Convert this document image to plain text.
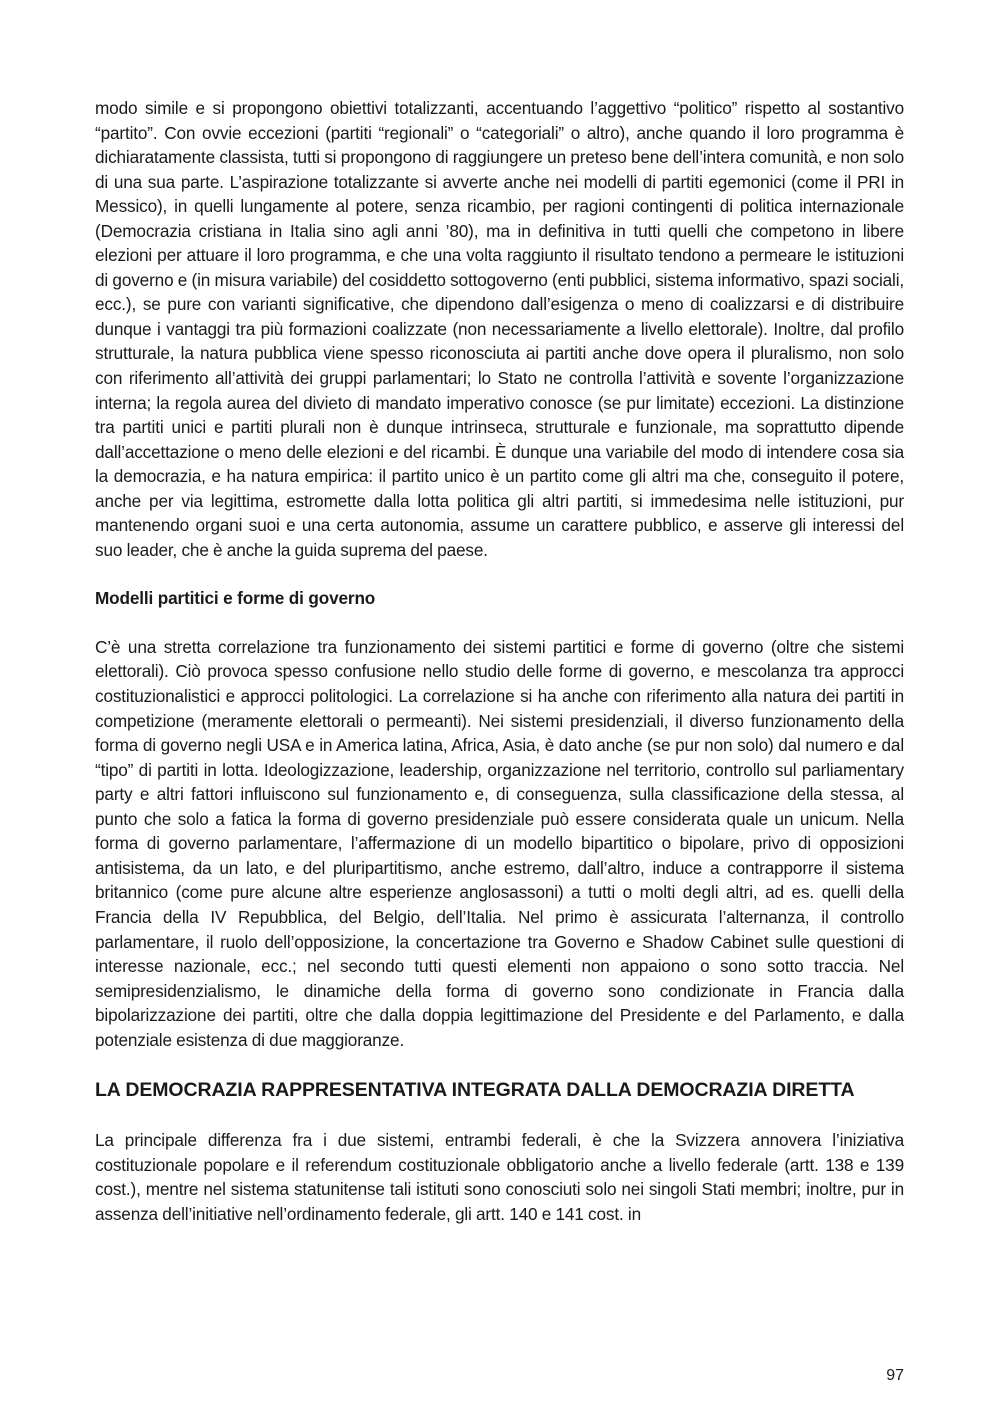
modo simile e si propongono obiettivi totalizzanti, accentuando l’aggettivo “politico” rispetto al sostantivo “partito”. Con ovvie eccezioni (partiti “regionali” o “categoriali” o altro), anche quando il loro programma è dichiaratamente classista, tutti si propongono di raggiungere un preteso bene dell’intera comunità, e non solo di una sua parte. L’aspirazione totalizzante si avverte anche nei modelli di partiti egemonici (come il PRI in Messico), in quelli lungamente al potere, senza ricambio, per ragioni contingenti di politica internazionale (Democrazia cristiana in Italia sino agli anni ’80), ma in definitiva in tutti quelli che competono in libere elezioni per attuare il loro programma, e che una volta raggiunto il risultato tendono a permeare le istituzioni di governo e (in misura variabile) del cosiddetto sottogoverno (enti pubblici, sistema informativo, spazi sociali, ecc.), se pure con varianti significative, che dipendono dall’esigenza o meno di coalizzarsi e di distribuire dunque i vantaggi tra più formazioni coalizzate (non necessariamente a livello elettorale). Inoltre, dal profilo strutturale, la natura pubblica viene spesso riconosciuta ai partiti anche dove opera il pluralismo, non solo con riferimento all’attività dei gruppi parlamentari; lo Stato ne controlla l’attività e sovente l’organizzazione interna; la regola aurea del divieto di mandato imperativo conosce (se pur limitate) eccezioni. La distinzione tra partiti unici e partiti plurali non è dunque intrinseca, strutturale e funzionale, ma soprattutto dipende dall’accettazione o meno delle elezioni e del ricambi. È dunque una variabile del modo di intendere cosa sia la democrazia, e ha natura empirica: il partito unico è un partito come gli altri ma che, conseguito il potere, anche per via legittima, estromette dalla lotta politica gli altri partiti, si immedesima nelle istituzioni, pur mantenendo organi suoi e una certa autonomia, assume un carattere pubblico, e asserve gli interessi del suo leader, che è anche la guida suprema del paese.

Modelli partitici e forme di governo

C’è una stretta correlazione tra funzionamento dei sistemi partitici e forme di governo (oltre che sistemi elettorali). Ciò provoca spesso confusione nello studio delle forme di governo, e mescolanza tra approcci costituzionalistici e approcci politologici. La correlazione si ha anche con riferimento alla natura dei partiti in competizione (meramente elettorali o permeanti). Nei sistemi presidenziali, il diverso funzionamento della forma di governo negli USA e in America latina, Africa, Asia, è dato anche (se pur non solo) dal numero e dal “tipo” di partiti in lotta. Ideologizzazione, leadership, organizzazione nel territorio, controllo sul parliamentary party e altri fattori influiscono sul funzionamento e, di conseguenza, sulla classificazione della stessa, al punto che solo a fatica la forma di governo presidenziale può essere considerata quale un unicum. Nella forma di governo parlamentare, l’affermazione di un modello bipartitico o bipolare, privo di opposizioni antisistema, da un lato, e del pluripartitismo, anche estremo, dall’altro, induce a contrapporre il sistema britannico (come pure alcune altre esperienze anglosassoni) a tutti o molti degli altri, ad es. quelli della Francia della IV Repubblica, del Belgio, dell’Italia. Nel primo è assicurata l’alternanza, il controllo parlamentare, il ruolo dell’opposizione, la concertazione tra Governo e Shadow Cabinet sulle questioni di interesse nazionale, ecc.; nel secondo tutti questi elementi non appaiono o sono sotto traccia. Nel semipresidenzialismo, le dinamiche della forma di governo sono condizionate in Francia dalla bipolarizzazione dei partiti, oltre che dalla doppia legittimazione del Presidente e del Parlamento, e dalla potenziale esistenza di due maggioranze.

LA DEMOCRAZIA RAPPRESENTATIVA INTEGRATA DALLA DEMOCRAZIA DIRETTA

La principale differenza fra i due sistemi, entrambi federali, è che la Svizzera annovera l’iniziativa costituzionale popolare e il referendum costituzionale obbligatorio anche a livello federale (artt. 138 e 139 cost.), mentre nel sistema statunitense tali istituti sono conosciuti solo nei singoli Stati membri; inoltre, pur in assenza dell’initiative nell’ordinamento federale, gli artt. 140 e 141 cost. in

97
